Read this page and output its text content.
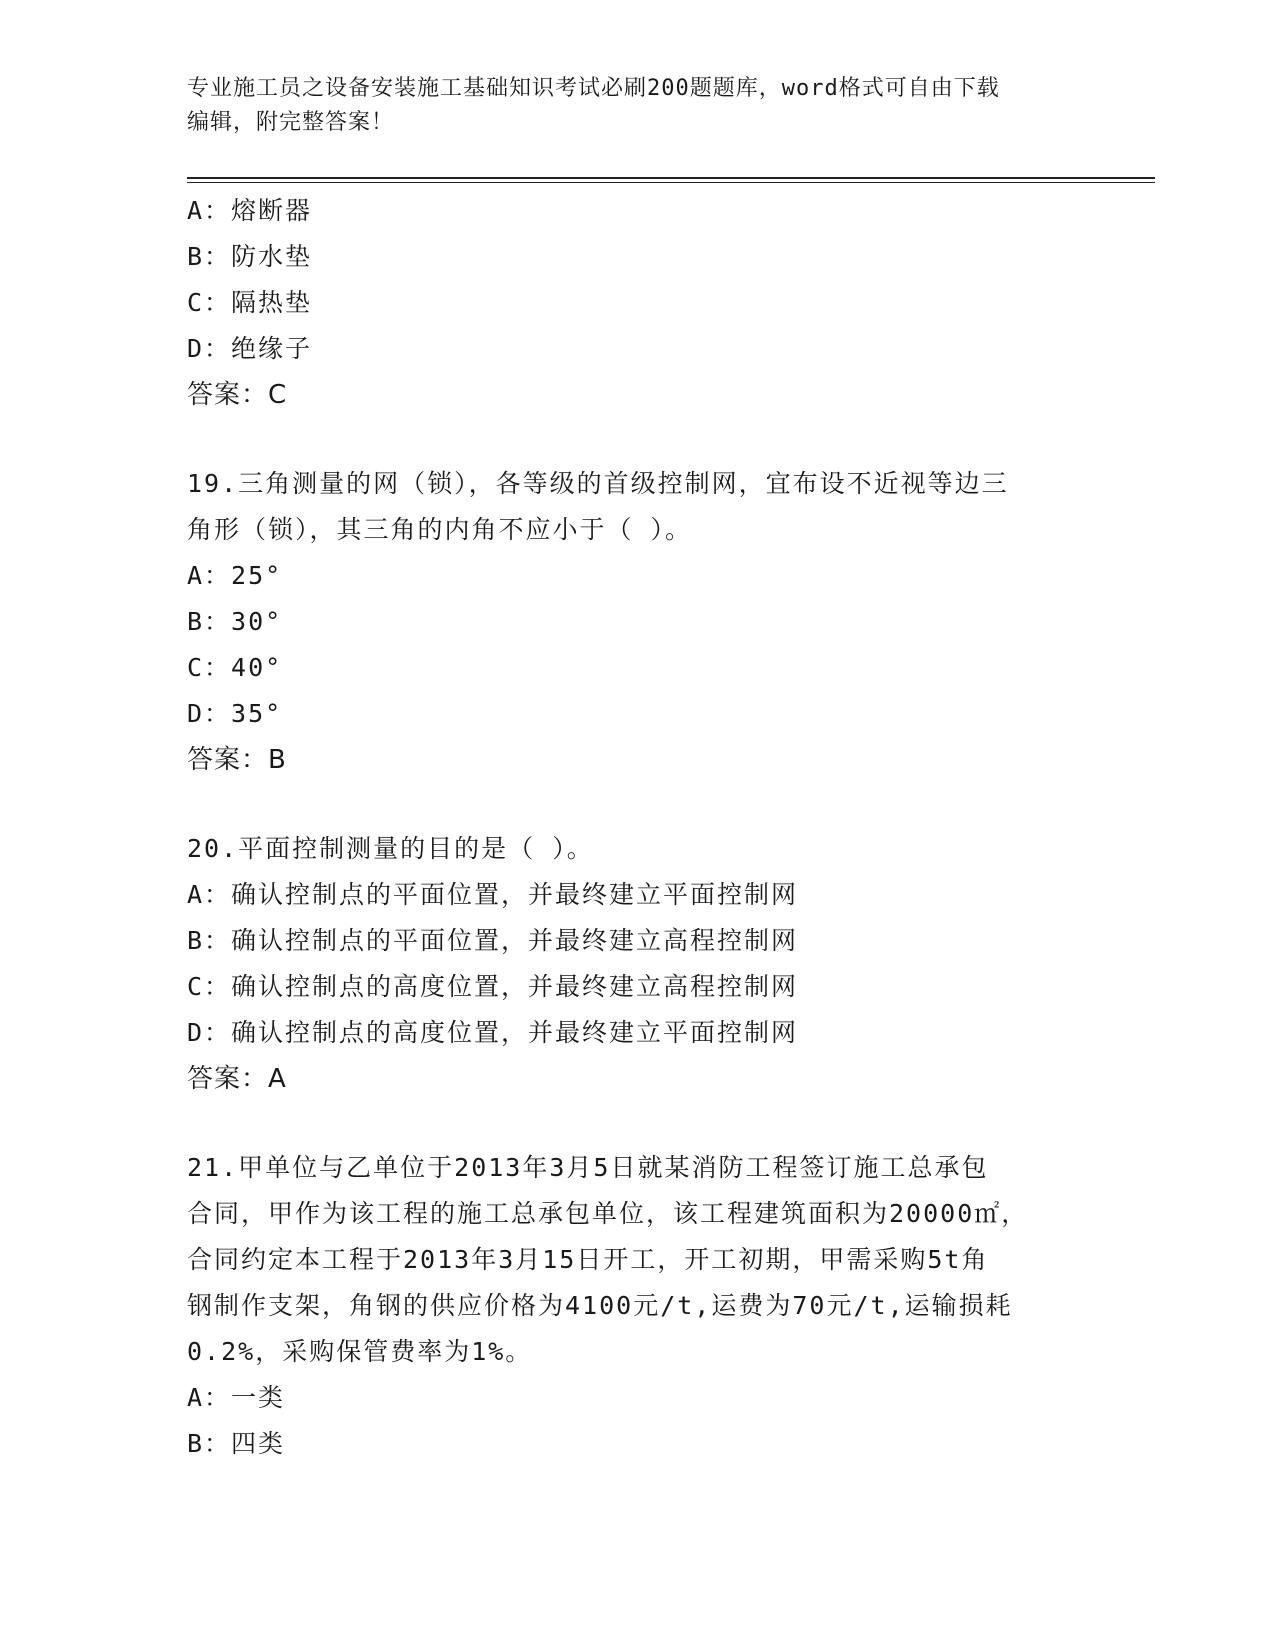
专业施工员之设备安装施工基础知识考试必刷200题题库，word格式可自由下载
编辑，附完整答案！
A：熔断器
B：防水垫
C：隔热垫
D：绝缘子
答案：C
19.三角测量的网（锁），各等级的首级控制网，宜布设不近视等边三
角形（锁），其三角的内角不应小于（ ）。
A：25°
B：30°
C：40°
D：35°
答案：B
20.平面控制测量的目的是（ ）。
A：确认控制点的平面位置，并最终建立平面控制网
B：确认控制点的平面位置，并最终建立高程控制网
C：确认控制点的高度位置，并最终建立高程控制网
D：确认控制点的高度位置，并最终建立平面控制网
答案：A
21.甲单位与乙单位于2013年3月5日就某消防工程签订施工总承包
合同，甲作为该工程的施工总承包单位，该工程建筑面积为20000㎡，
合同约定本工程于2013年3月15日开工，开工初期，甲需采购5t角
钢制作支架，角钢的供应价格为4100元/t,运费为70元/t,运输损耗
0.2%，采购保管费率为1%。
A：一类
B：四类
